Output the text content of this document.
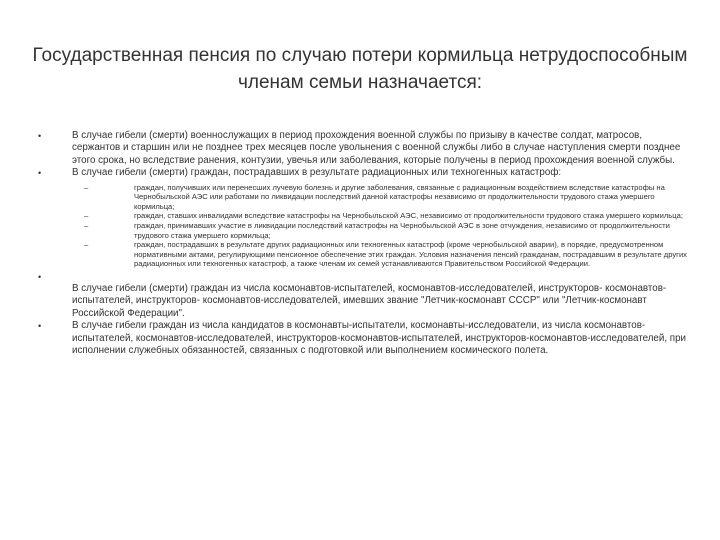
Государственная пенсия по случаю потери кормильца нетрудоспособным членам семьи назначается:
•	В случае гибели (смерти) военнослужащих в период прохождения военной службы по призыву в качестве солдат, матросов, сержантов и старшин или не позднее трех месяцев после увольнения с военной службы либо в случае наступления смерти позднее этого срока, но вследствие ранения, контузии, увечья или заболевания, которые получены в период прохождения военной службы.
•	В случае гибели (смерти) граждан, пострадавших в результате радиационных или техногенных катастроф:
–	граждан, получивших или перенесших лучевую болезнь и другие заболевания, связанные с радиационным воздействием вследствие катастрофы на Чернобыльской АЭС или работами по ликвидации последствий данной катастрофы независимо от продолжительности трудового стажа умершего кормильца;
–	граждан, ставших инвалидами вследствие катастрофы на Чернобыльской АЭС, независимо от продолжительности трудового стажа умершего кормильца;
–	граждан, принимавших участие в ликвидации последствий катастрофы на Чернобыльской АЭС в зоне отчуждения, независимо от продолжительности трудового стажа умершего кормильца;
–	граждан, пострадавших в результате других радиационных или техногенных катастроф (кроме чернобыльской аварии), в порядке, предусмотренном нормативными актами, регулирующими пенсионное обеспечение этих граждан. Условия назначения пенсий гражданам, пострадавшим в результате других радиационных или техногенных катастроф, а также членам их семей устанавливаются Правительством Российской Федерации.
•
В случае гибели (смерти) граждан из числа космонавтов-испытателей, космонавтов-исследователей, инструкторов- космонавтов-испытателей, инструкторов- космонавтов-исследователей, имевших звание "Летчик-космонавт СССР" или "Летчик-космонавт Российской Федерации".
•	В случае гибели граждан из числа кандидатов в космонавты-испытатели, космонавты-исследователи, из числа космонавтов-испытателей, космонавтов-исследователей, инструкторов-космонавтов-испытателей, инструкторов-космонавтов-исследователей, при исполнении служебных обязанностей, связанных с подготовкой или выполнением космического полета.
